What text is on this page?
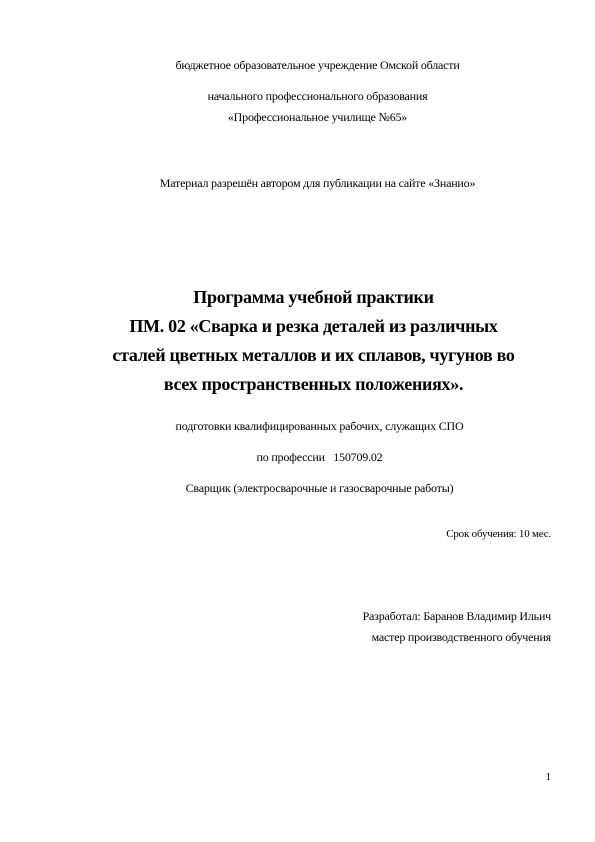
бюджетное образовательное учреждение Омской области
начального профессионального образования
«Профессиональное училище №65»
Материал разрешён автором для публикации на сайте «Знанио»
Программа учебной практики
ПМ. 02 «Сварка и резка деталей из различных
сталей цветных металлов и их сплавов, чугунов во
всех пространственных положениях».
подготовки квалифицированных рабочих, служащих СПО
по профессии   150709.02
Сварщик (электросварочные и газосварочные работы)
Срок обучения: 10 мес.
Разработал: Баранов Владимир Ильич
мастер производственного обучения
1
